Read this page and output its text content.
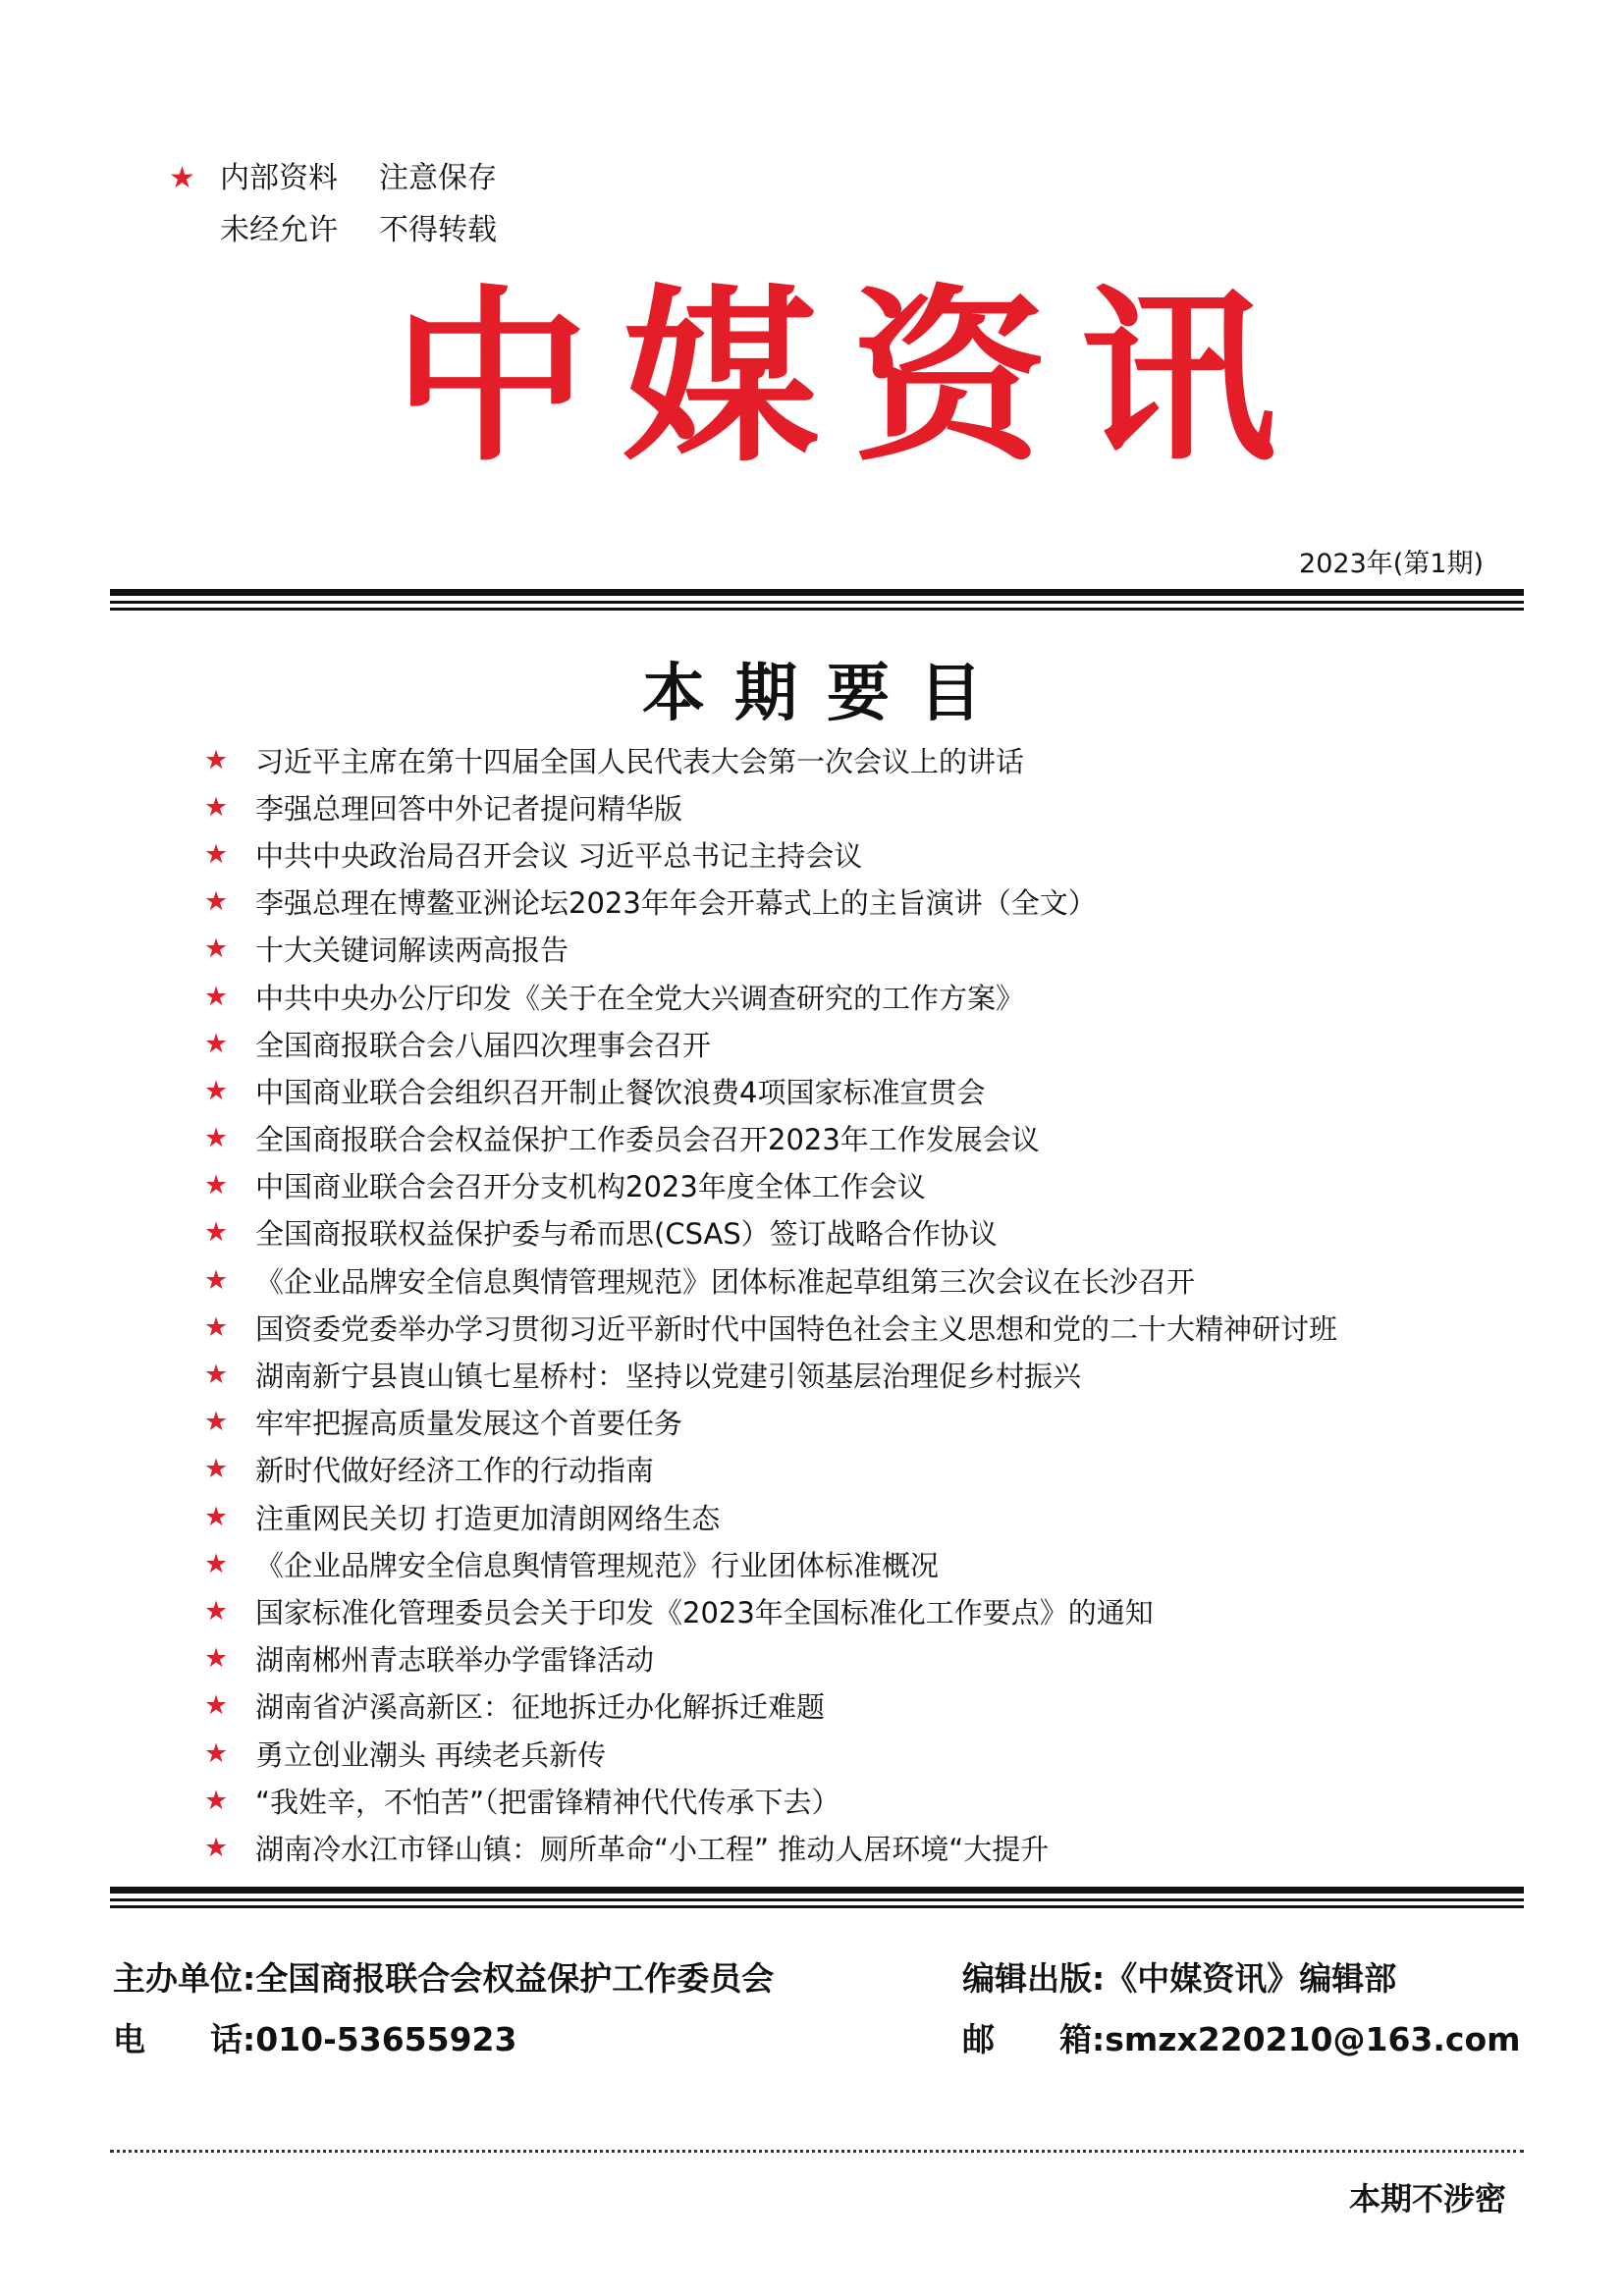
★ 内部资料 注意保存
未经允许 不得转载
中 媒 资 讯
2023年(第1期)
本期要目
★ 习近平主席在第十四届全国人民代表大会第一次会议上的讲话
★ 李强总理回答中外记者提问精华版
★ 中共中央政治局召开会议 习近平总书记主持会议
★ 李强总理在博鳌亚洲论坛2023年年会开幕式上的主旨演讲（全文）
★ 十大关键词解读两高报告
★ 中共中央办公厅印发《关于在全党大兴调查研究的工作方案》
★ 全国商报联合会八届四次理事会召开
★ 中国商业联合会组织召开制止餐饮浪费4项国家标准宣贯会
★ 全国商报联合会权益保护工作委员会召开2023年工作发展会议
★ 中国商业联合会召开分支机构2023年度全体工作会议
★ 全国商报联权益保护委与希而思(CSAS）签订战略合作协议
★ 《企业品牌安全信息舆情管理规范》团体标准起草组第三次会议在长沙召开
★ 国资委党委举办学习贯彻习近平新时代中国特色社会主义思想和党的二十大精神研讨班
★ 湖南新宁县崀山镇七星桥村：坚持以党建引领基层治理促乡村振兴
★ 牢牢把握高质量发展这个首要任务
★ 新时代做好经济工作的行动指南
★ 注重网民关切 打造更加清朗网络生态
★ 《企业品牌安全信息舆情管理规范》行业团体标准概况
★ 国家标准化管理委员会关于印发《2023年全国标准化工作要点》的通知
★ 湖南郴州青志联举办学雷锋活动
★ 湖南省泸溪高新区：征地拆迁办化解拆迁难题
★ 勇立创业潮头 再续老兵新传
★ “我姓辛，不怕苦”（把雷锋精神代代传承下去）
★ 湖南冷水江市铎山镇：厕所革命“小工程” 推动人居环境“大提升
主办单位:全国商报联合会权益保护工作委员会
电　　话:010-53655923
编辑出版:《中媒资讯》编辑部
邮　　箱:smzx220210@163.com
本期不涉密
